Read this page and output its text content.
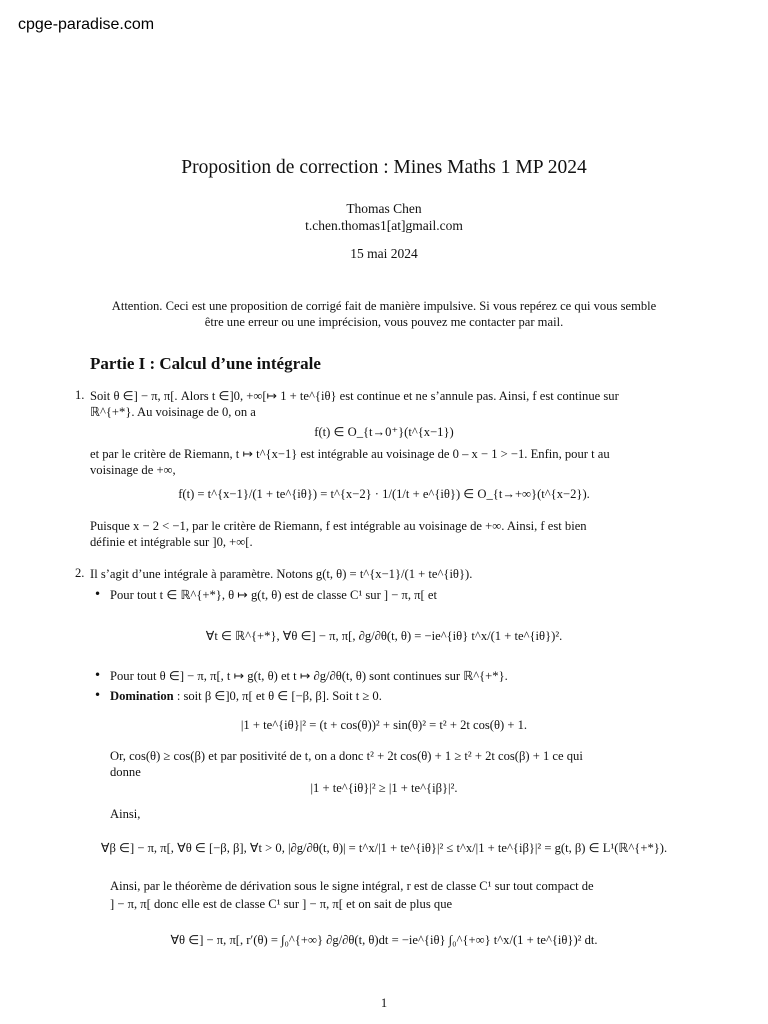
cpge-paradise.com
Proposition de correction : Mines Maths 1 MP 2024
Thomas Chen
t.chen.thomas1[at]gmail.com
15 mai 2024
Attention. Ceci est une proposition de corrigé fait de manière impulsive. Si vous repérez ce qui vous semble
être une erreur ou une imprécision, vous pouvez me contacter par mail.
Partie I : Calcul d’une intégrale
1. Soit θ ∈] − π, π[. Alors t ∈]0, +∞[↦ 1 + te^{iθ} est continue et ne s’annule pas. Ainsi, f est continue sur
ℝ^{+*}. Au voisinage de 0, on a
f(t) ∈ O_{t→0⁺}(t^{x−1})
et par le critère de Riemann, t ↦ t^{x−1} est intégrable au voisinage de 0 – x − 1 > −1. Enfin, pour t au
voisinage de +∞,
f(t) = t^{x−1}/(1 + te^{iθ}) = t^{x−2} · 1/(1/t + e^{iθ}) ∈ O_{t→+∞}(t^{x−2}).
Puisque x − 2 < −1, par le critère de Riemann, f est intégrable au voisinage de +∞. Ainsi, f est bien
définie et intégrable sur ]0, +∞[.
2. Il s’agit d’une intégrale à paramètre. Notons g(t, θ) = t^{x−1}/(1 + te^{iθ}).
• Pour tout t ∈ ℝ^{+*}, θ ↦ g(t, θ) est de classe C¹ sur ] − π, π[ et
∀t ∈ ℝ^{+*}, ∀θ ∈] − π, π[, ∂g/∂θ(t, θ) = −ie^{iθ} t^x/(1 + te^{iθ})².
• Pour tout θ ∈] − π, π[, t ↦ g(t, θ) et t ↦ ∂g/∂θ(t, θ) sont continues sur ℝ^{+*}.
• Domination : soit β ∈]0, π[ et θ ∈ [−β, β]. Soit t ≥ 0.
|1 + te^{iθ}|² = (t + cos(θ))² + sin(θ)² = t² + 2t cos(θ) + 1.
Or, cos(θ) ≥ cos(β) et par positivité de t, on a donc t² + 2t cos(θ) + 1 ≥ t² + 2t cos(β) + 1 ce qui
donne
|1 + te^{iθ}|² ≥ |1 + te^{iβ}|².
Ainsi,
∀β ∈] − π, π[, ∀θ ∈ [−β, β], ∀t > 0, |∂g/∂θ(t, θ)| = t^x/|1 + te^{iθ}|² ≤ t^x/|1 + te^{iβ}|² = g(t, β) ∈ L¹(ℝ^{+*}).
Ainsi, par le théorème de dérivation sous le signe intégral, r est de classe C¹ sur tout compact de
] − π, π[ donc elle est de classe C¹ sur ] − π, π[ et on sait de plus que
∀θ ∈] − π, π[, r′(θ) = ∫₀^{+∞} ∂g/∂θ(t, θ)dt = −ie^{iθ} ∫₀^{+∞} t^x/(1 + te^{iθ})² dt.
1
